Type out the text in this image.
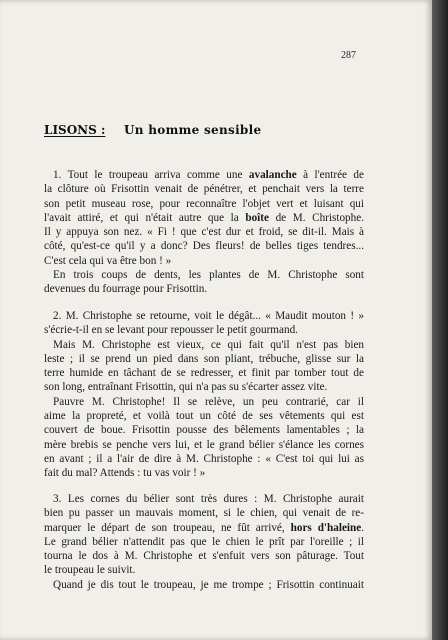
287
LISONS : Un homme sensible
1. Tout le troupeau arriva comme une avalanche à l'entrée de
la clôture où Frisottin venait de pénétrer, et penchait vers la terre
son petit museau rose, pour reconnaître l'objet vert et luisant qui
l'avait attiré, et qui n'était autre que la boîte de M. Christophe.
Il y appuya son nez. « Fi ! que c'est dur et froid, se dit-il. Mais à
côté, qu'est-ce qu'il y a donc? Des fleurs! de belles tiges tendres...
C'est cela qui va être bon ! »
En trois coups de dents, les plantes de M. Christophe sont
devenues du fourrage pour Frisottin.
2. M. Christophe se retourne, voit le dégât... « Maudit mouton ! »
s'écrie-t-il en se levant pour repousser le petit gourmand.
Mais M. Christophe est vieux, ce qui fait qu'il n'est pas bien
leste ; il se prend un pied dans son pliant, trébuche, glisse sur la
terre humide en tâchant de se redresser, et finit par tomber tout de
son long, entraînant Frisottin, qui n'a pas su s'écarter assez vite.
Pauvre M. Christophe! Il se relève, un peu contrarié, car il
aime la propreté, et voilà tout un côté de ses vêtements qui est
couvert de boue. Frisottin pousse des bêlements lamentables ; la
mère brebis se penche vers lui, et le grand bélier s'élance les cornes
en avant ; il a l'air de dire à M. Christophe : « C'est toi qui lui as
fait du mal? Attends : tu vas voir ! »
3. Les cornes du bélier sont très dures : M. Christophe aurait
bien pu passer un mauvais moment, si le chien, qui venait de re-
marquer le départ de son troupeau, ne fût arrivé, hors d'haleine.
Le grand bélier n'attendit pas que le chien le prît par l'oreille ; il
tourna le dos à M. Christophe et s'enfuit vers son pâturage. Tout
le troupeau le suivit.
Quand je dis tout le troupeau, je me trompe ; Frisottin continuait
